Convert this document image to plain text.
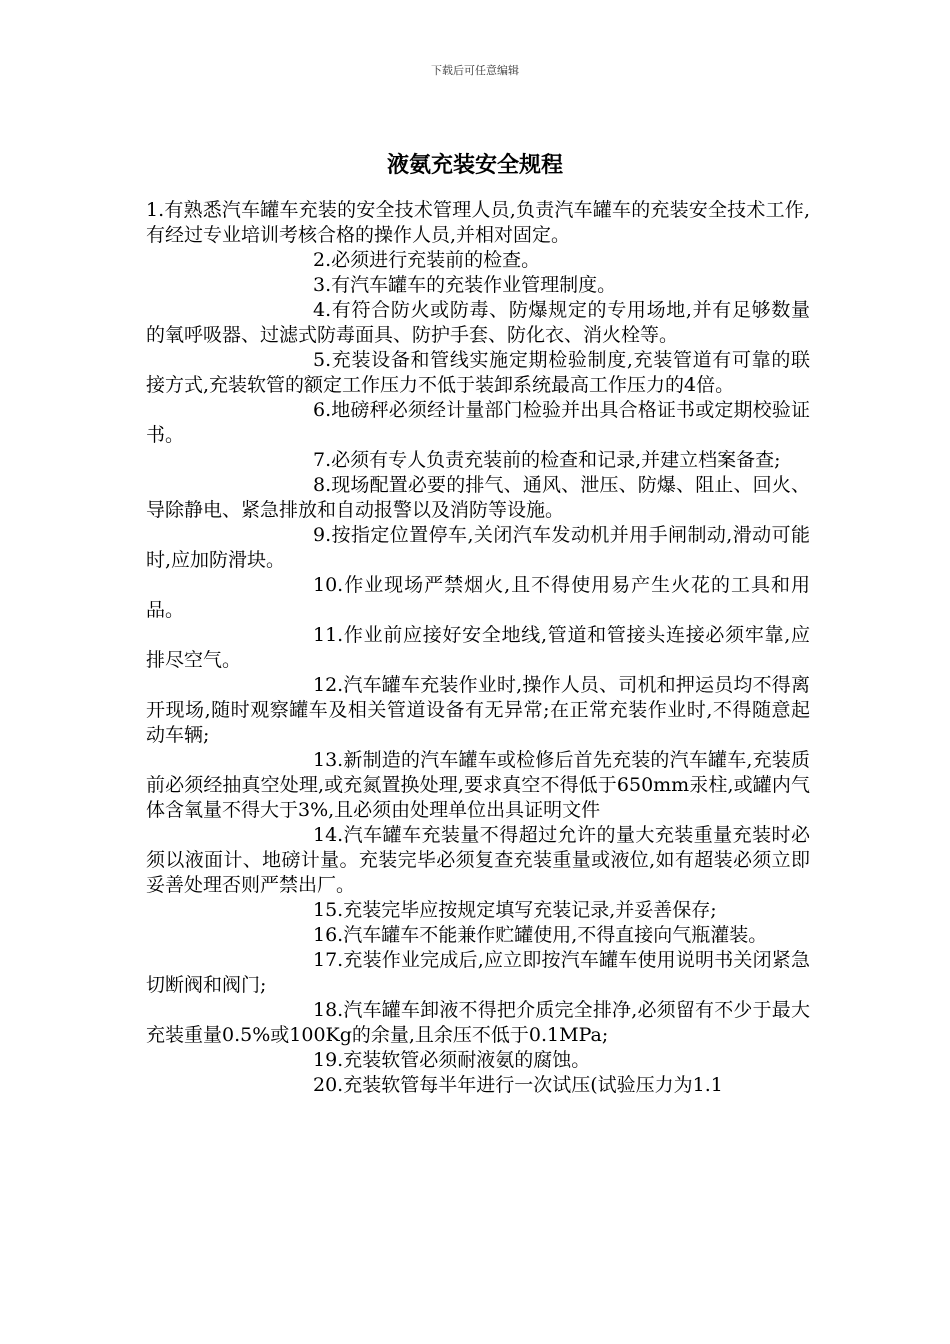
下载后可任意编辑
液氨充装安全规程

1.有熟悉汽车罐车充装的安全技术管理人员,负责汽车罐车的充装安全技术工作,有经过专业培训考核合格的操作人员,并相对固定。

2.必须进行充装前的检查。

3.有汽车罐车的充装作业管理制度。

4.有符合防火或防毒、防爆规定的专用场地,并有足够数量的氧呼吸器、过滤式防毒面具、防护手套、防化衣、消火栓等。

5.充装设备和管线实施定期检验制度,充装管道有可靠的联接方式,充装软管的额定工作压力不低于装卸系统最高工作压力的4倍。

6.地磅秤必须经计量部门检验并出具合格证书或定期校验证书。

7.必须有专人负责充装前的检查和记录,并建立档案备查;

8.现场配置必要的排气、通风、泄压、防爆、阻止、回火、导除静电、紧急排放和自动报警以及消防等设施。

9.按指定位置停车,关闭汽车发动机并用手闸制动,滑动可能时,应加防滑块。

10.作业现场严禁烟火,且不得使用易产生火花的工具和用品。

11.作业前应接好安全地线,管道和管接头连接必须牢靠,应排尽空气。

12.汽车罐车充装作业时,操作人员、司机和押运员均不得离开现场,随时观察罐车及相关管道设备有无异常;在正常充装作业时,不得随意起动车辆;

13.新制造的汽车罐车或检修后首先充装的汽车罐车,充装质前必须经抽真空处理,或充氮置换处理,要求真空不得低于650mm汞柱,或罐内气体含氧量不得大于3%,且必须由处理单位出具证明文件

14.汽车罐车充装量不得超过允许的量大充装重量充装时必须以液面计、地磅计量。充装完毕必须复查充装重量或液位,如有超装必须立即妥善处理否则严禁出厂。

15.充装完毕应按规定填写充装记录,并妥善保存;

16.汽车罐车不能兼作贮罐使用,不得直接向气瓶灌装。

17.充装作业完成后,应立即按汽车罐车使用说明书关闭紧急切断阀和阀门;

18.汽车罐车卸液不得把介质完全排净,必须留有不少于最大充装重量0.5%或100Kg的余量,且余压不低于0.1MPa;

19.充装软管必须耐液氨的腐蚀。

20.充装软管每半年进行一次试压(试验压力为1.1
